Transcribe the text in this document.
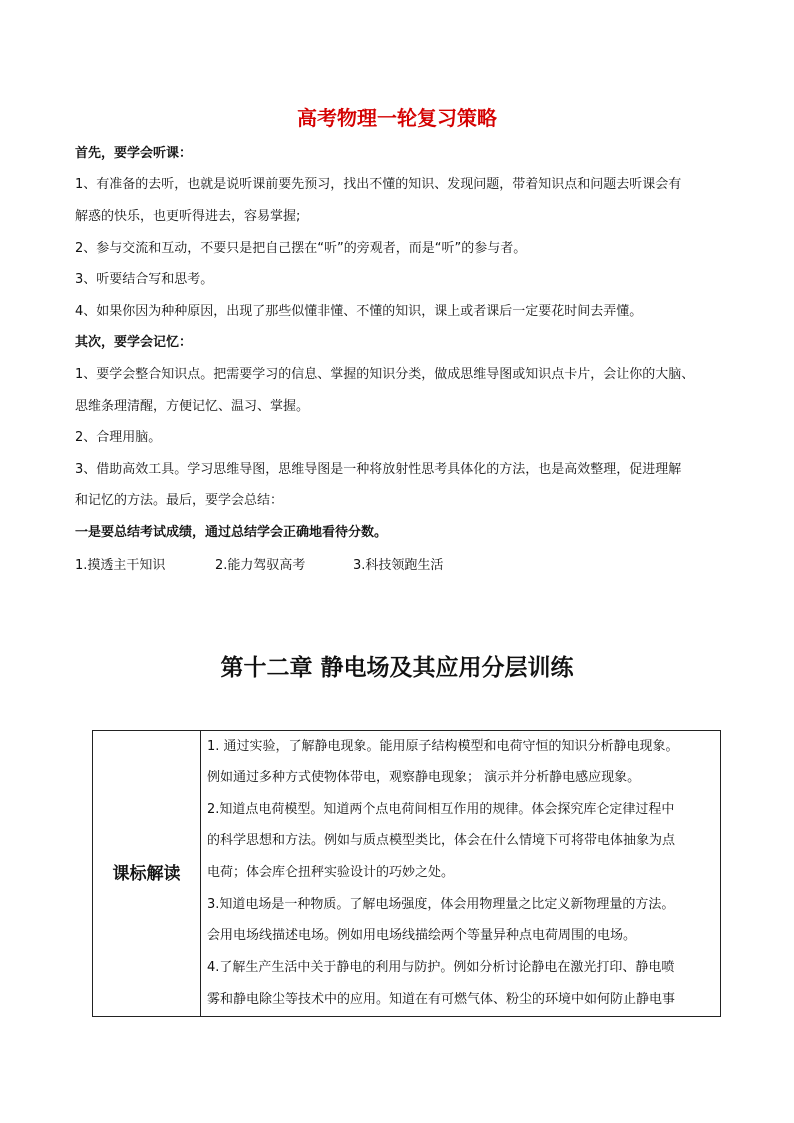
高考物理一轮复习策略
首先，要学会听课：
1、有准备的去听，也就是说听课前要先预习，找出不懂的知识、发现问题，带着知识点和问题去听课会有
解惑的快乐，也更听得进去，容易掌握;
2、参与交流和互动，不要只是把自己摆在“听”的旁观者，而是“听”的参与者。
3、听要结合写和思考。
4、如果你因为种种原因，出现了那些似懂非懂、不懂的知识，课上或者课后一定要花时间去弄懂。
其次，要学会记忆：
1、要学会整合知识点。把需要学习的信息、掌握的知识分类，做成思维导图或知识点卡片，会让你的大脑、
思维条理清醒，方便记忆、温习、掌握。
2、合理用脑。
3、借助高效工具。学习思维导图，思维导图是一种将放射性思考具体化的方法，也是高效整理，促进理解
和记忆的方法。最后，要学会总结：
一是要总结考试成绩，通过总结学会正确地看待分数。
1.摸透主干知识	2.能力驾驭高考	3.科技领跑生活
第十二章 静电场及其应用分层训练
课标解读
1. 通过实验，了解静电现象。能用原子结构模型和电荷守恒的知识分析静电现象。
例如通过多种方式使物体带电，观察静电现象； 演示并分析静电感应现象。
2.知道点电荷模型。知道两个点电荷间相互作用的规律。体会探究库仑定律过程中
的科学思想和方法。例如与质点模型类比，体会在什么情境下可将带电体抽象为点
电荷；体会库仑扭秤实验设计的巧妙之处。
3.知道电场是一种物质。了解电场强度，体会用物理量之比定义新物理量的方法。
会用电场线描述电场。例如用电场线描绘两个等量异种点电荷周围的电场。
4.了解生产生活中关于静电的利用与防护。例如分析讨论静电在激光打印、静电喷
雾和静电除尘等技术中的应用。知道在有可燃气体、粉尘的环境中如何防止静电事
